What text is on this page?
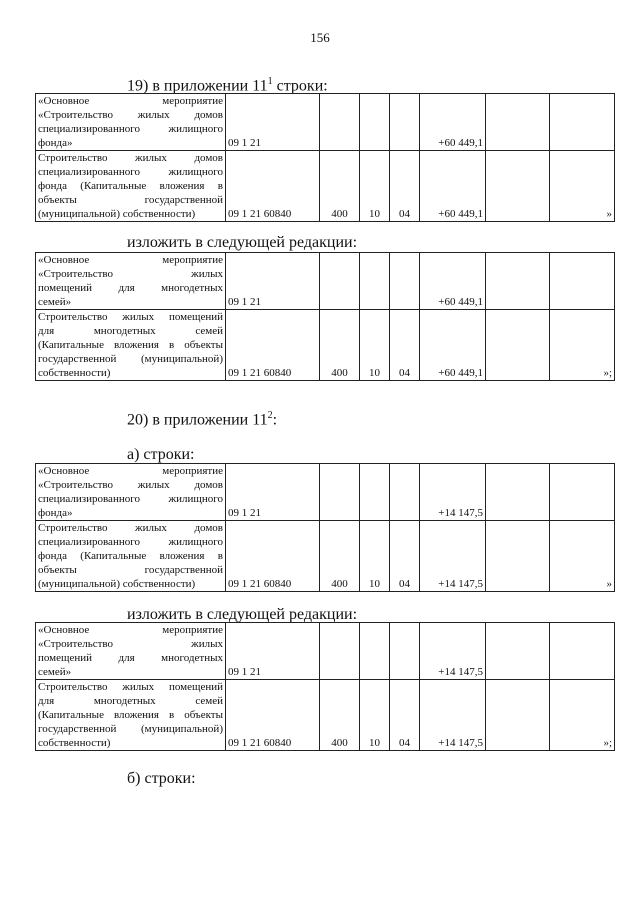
156
19) в приложении $11^1$ строки:
«Основное мероприятие
«Строительство жилых домов
специализированного жилищного
фонда»	09 1 21				+60 449,1		

Строительство жилых домов
специализированного жилищного
фонда (Капитальные вложения в
объекты государственной
(муниципальной) собственности)	09 1 21 60840	400	10	04	+60 449,1		»
изложить в следующей редакции:
«Основное мероприятие
«Строительство жилых
помещений для многодетных
семей»	09 1 21				+60 449,1		

Строительство жилых помещений
для многодетных семей
(Капитальные вложения в объекты
государственной (муниципальной)
собственности)	09 1 21 60840	400	10	04	+60 449,1		»;
20) в приложении $11^2$:
а) строки:
«Основное мероприятие
«Строительство жилых домов
специализированного жилищного
фонда»	09 1 21				+14 147,5		

Строительство жилых домов
специализированного жилищного
фонда (Капитальные вложения в
объекты государственной
(муниципальной) собственности)	09 1 21 60840	400	10	04	+14 147,5		»
изложить в следующей редакции:
«Основное мероприятие
«Строительство жилых
помещений для многодетных
семей»	09 1 21				+14 147,5		

Строительство жилых помещений
для многодетных семей
(Капитальные вложения в объекты
государственной (муниципальной)
собственности)	09 1 21 60840	400	10	04	+14 147,5		»;
б) строки:
